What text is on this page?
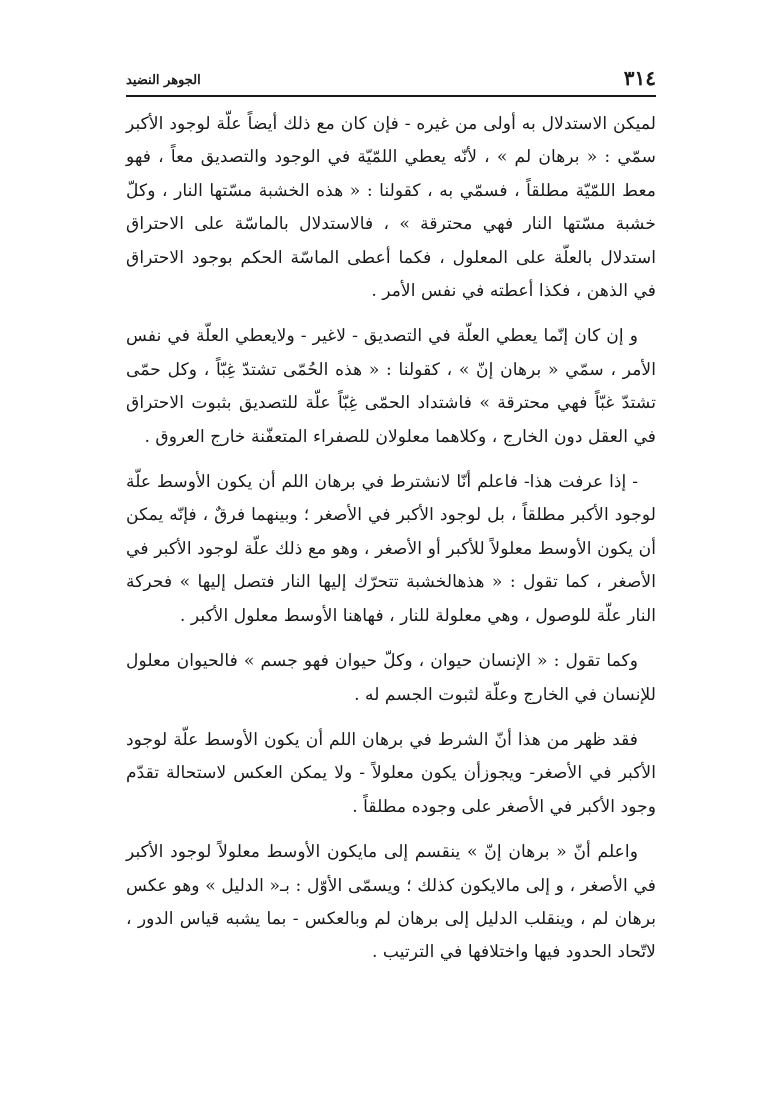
٣١٤
الجوهر النضيد

لميكن الاستدلال به أولى من غيره - فإن كان مع ذلك أيضاً علّة لوجود الأكبر سمّي : « برهان لم » ، لأنّه يعطي اللمّيّة في الوجود والتصديق معاً ، فهو معط اللمّيّة مطلقاً ، فسمّي به ، كقولنا : « هذه الخشبة مسّتها النار ، وكلّ خشبة مسّتها النار فهي محترقة » ، فالاستدلال بالماسّة على الاحتراق استدلال بالعلّة على المعلول ، فكما أعطى الماسّة الحكم بوجود الاحتراق في الذهن ، فكذا أعطته في نفس الأمر .

و إن كان إنّما يعطي العلّة في التصديق - لاغير - ولايعطي العلّة في نفس الأمر ، سمّي « برهان إنّ » ، كقولنا : « هذه الحُمّى تشتدّ غِبّاً ، وكل حمّى تشتدّ غبّاً فهي محترقة » فاشتداد الحمّى غِبّاً علّة للتصديق بثبوت الاحتراق في العقل دون الخارج ، وكلاهما معلولان للصفراء المتعفّنة خارج العروق .

- إذا عرفت هذا- فاعلم أنّا لانشترط في برهان اللم أن يكون الأوسط علّة لوجود الأكبر مطلقاً ، بل لوجود الأكبر في الأصغر ؛ وبينهما فرقٌ ، فإنّه يمكن أن يكون الأوسط معلولاً للأكبر أو الأصغر ، وهو مع ذلك علّة لوجود الأكبر في الأصغر ، كما تقول : « هذهالخشبة تتحرّك إليها النار فتصل إليها » فحركة النار علّة للوصول ، وهي معلولة للنار ، فهاهنا الأوسط معلول الأكبر .

وكما تقول : « الإنسان حيوان ، وكلّ حيوان فهو جسم » فالحيوان معلول للإنسان في الخارج وعلّة لثبوت الجسم له .

فقد ظهر من هذا أنّ الشرط في برهان اللم أن يكون الأوسط علّة لوجود الأكبر في الأصغر- ويجوزأن يكون معلولاً - ولا يمكن العكس لاستحالة تقدّم وجود الأكبر في الأصغر على وجوده مطلقاً .

واعلم أنّ « برهان إنّ » ينقسم إلى مايكون الأوسط معلولاً لوجود الأكبر في الأصغر ، و إلى مالايكون كذلك ؛ ويسمّى الأوّل : بـ« الدليل » وهو عكس برهان لم ، وينقلب الدليل إلى برهان لم وبالعكس - بما يشبه قياس الدور ، لاتّحاد الحدود فيها واختلافها في الترتيب .
